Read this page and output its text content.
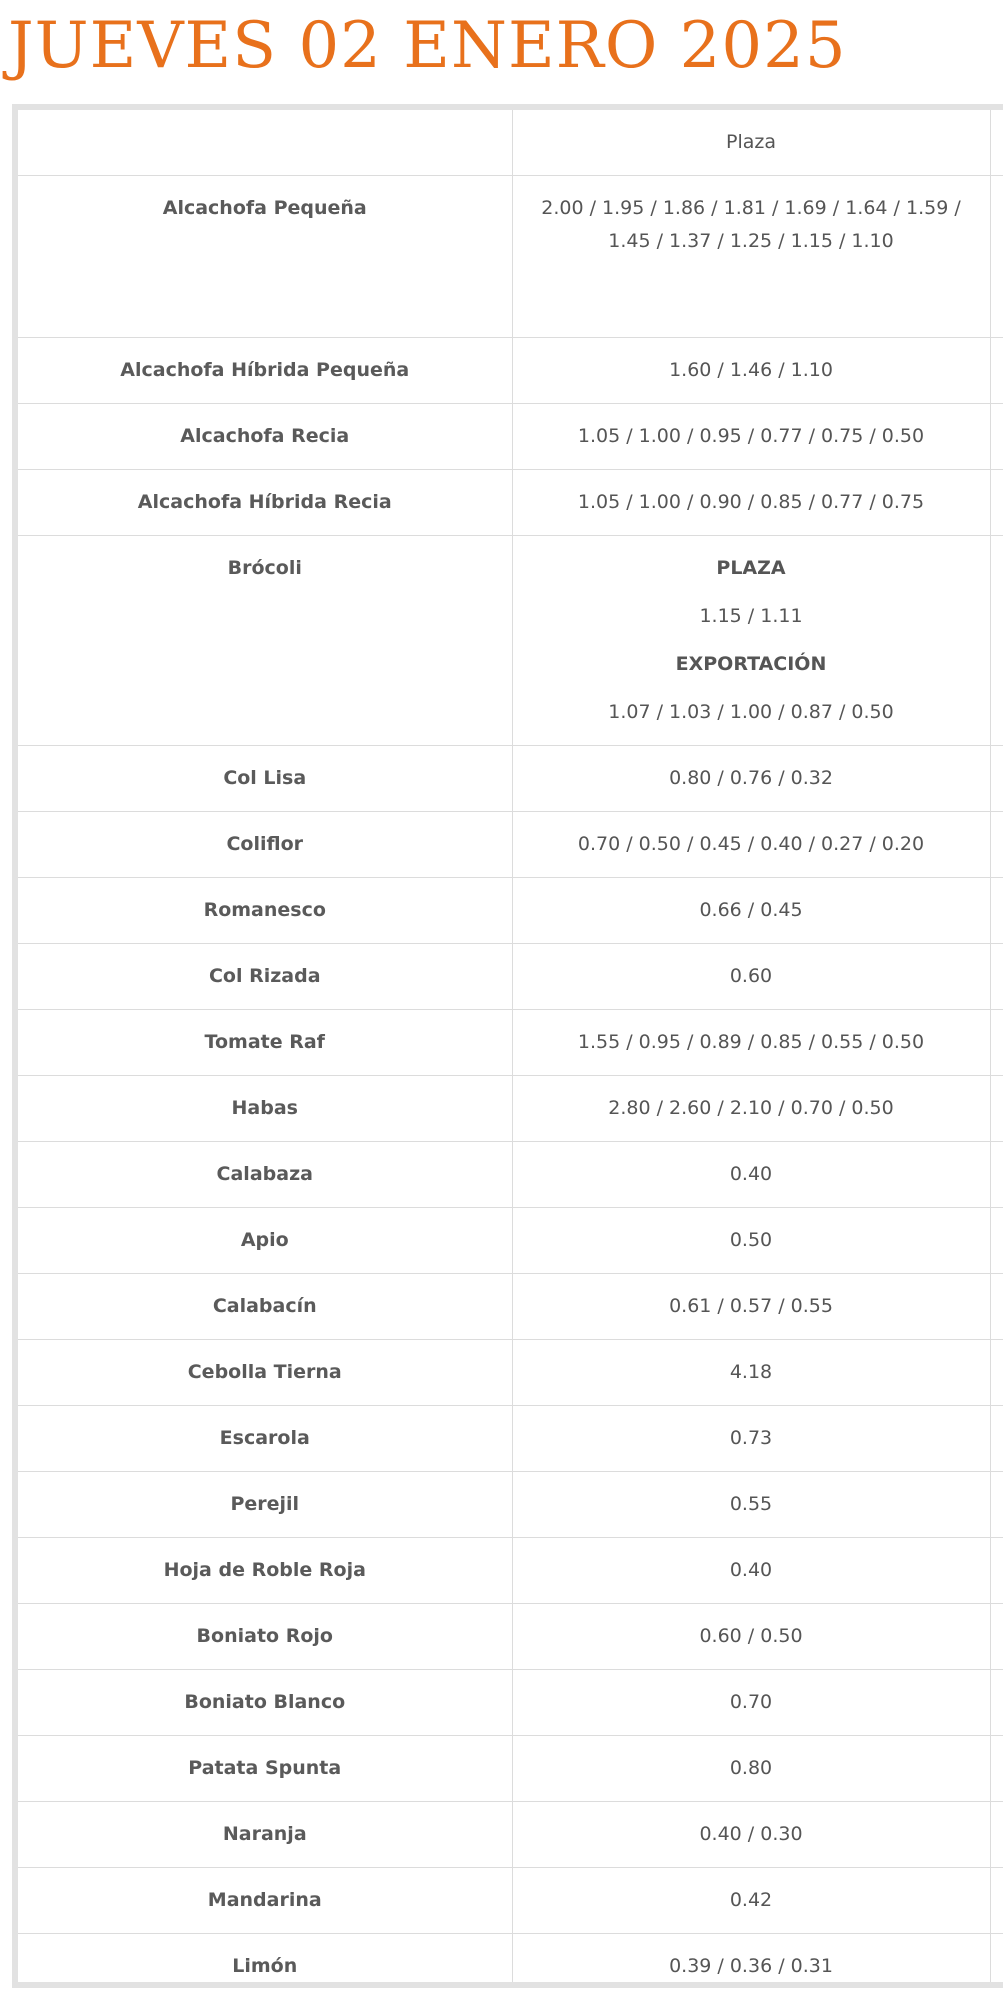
JUEVES 02 ENERO 2025
	Plaza	
Alcachofa Pequeña	2.00 / 1.95 / 1.86 / 1.81 / 1.69 / 1.64 / 1.59 / 1.45 / 1.37 / 1.25 / 1.15 / 1.10	
Alcachofa Híbrida Pequeña	1.60 / 1.46 / 1.10	
Alcachofa Recia	1.05 / 1.00 / 0.95 / 0.77 / 0.75 / 0.50	
Alcachofa Híbrida Recia	1.05 / 1.00 / 0.90 / 0.85 / 0.77 / 0.75	
Brócoli	PLAZA
1.15 / 1.11
EXPORTACIÓN
1.07 / 1.03 / 1.00 / 0.87 / 0.50	

Col Lisa	0.80 / 0.76 / 0.32	
Coliflor	0.70 / 0.50 / 0.45 / 0.40 / 0.27 / 0.20	
Romanesco	0.66 / 0.45	
Col Rizada	0.60	
Tomate Raf	1.55 / 0.95 / 0.89 / 0.85 / 0.55 / 0.50	
Habas	2.80 / 2.60 / 2.10 / 0.70 / 0.50	
Calabaza	0.40	
Apio	0.50	
Calabacín	0.61 / 0.57 / 0.55	
Cebolla Tierna	4.18	
Escarola	0.73	
Perejil	0.55	
Hoja de Roble Roja	0.40	
Boniato Rojo	0.60 / 0.50	
Boniato Blanco	0.70	
Patata Spunta	0.80	
Naranja	0.40 / 0.30	
Mandarina	0.42	
Limón	0.39 / 0.36 / 0.31	
